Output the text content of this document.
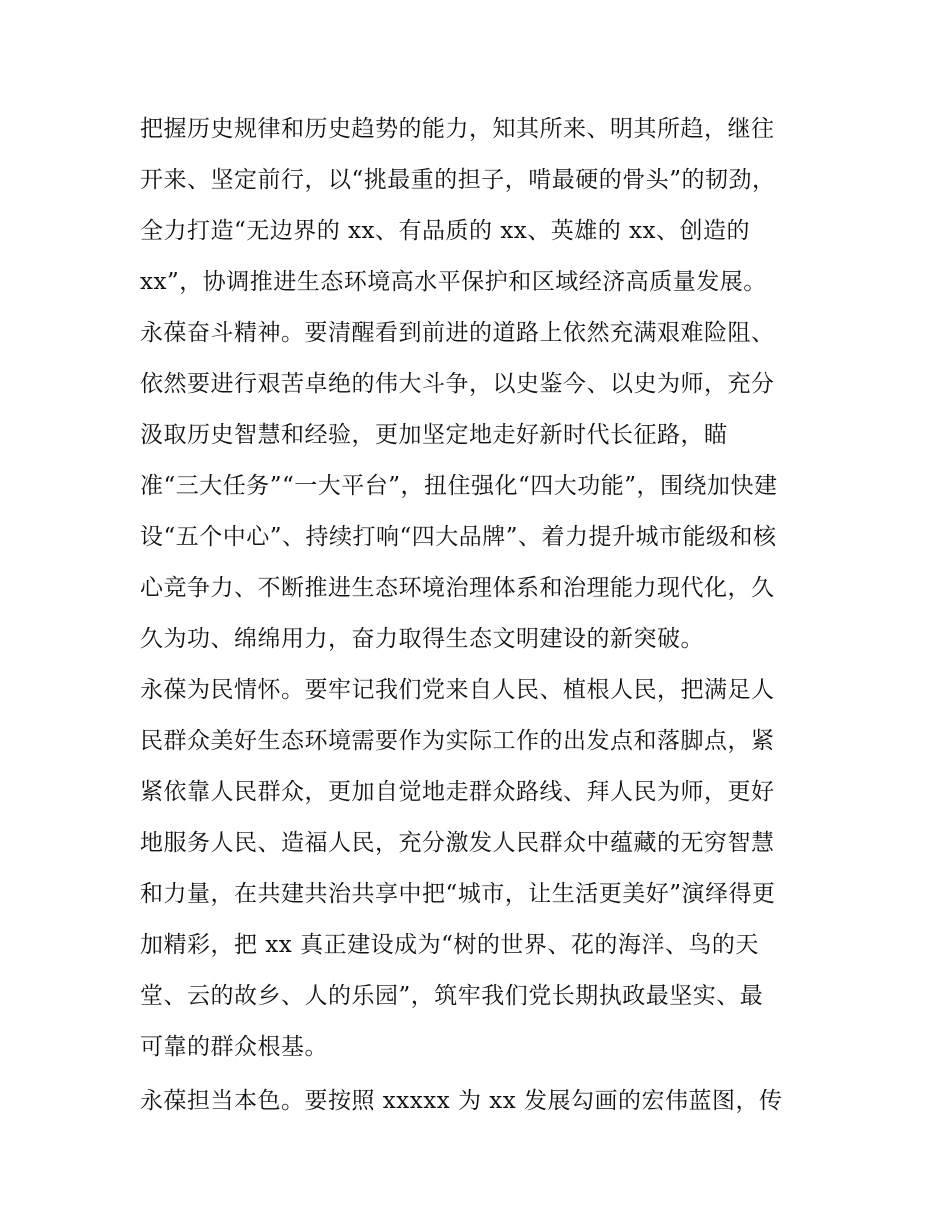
把握历史规律和历史趋势的能力，知其所来、明其所趋，继往
开来、坚定前行，以“挑最重的担子，啃最硬的骨头”的韧劲，
全力打造“无边界的 xx、有品质的 xx、英雄的 xx、创造的
xx”，协调推进生态环境高水平保护和区域经济高质量发展。
永葆奋斗精神。要清醒看到前进的道路上依然充满艰难险阻、
依然要进行艰苦卓绝的伟大斗争，以史鉴今、以史为师，充分
汲取历史智慧和经验，更加坚定地走好新时代长征路，瞄
准“三大任务”“一大平台”，扭住强化“四大功能”，围绕加快建
设“五个中心”、持续打响“四大品牌”、着力提升城市能级和核
心竞争力、不断推进生态环境治理体系和治理能力现代化，久
久为功、绵绵用力，奋力取得生态文明建设的新突破。
永葆为民情怀。要牢记我们党来自人民、植根人民，把满足人
民群众美好生态环境需要作为实际工作的出发点和落脚点，紧
紧依靠人民群众，更加自觉地走群众路线、拜人民为师，更好
地服务人民、造福人民，充分激发人民群众中蕴藏的无穷智慧
和力量，在共建共治共享中把“城市，让生活更美好”演绎得更
加精彩，把 xx 真正建设成为“树的世界、花的海洋、鸟的天
堂、云的故乡、人的乐园”，筑牢我们党长期执政最坚实、最
可靠的群众根基。
永葆担当本色。要按照 xxxxx 为 xx 发展勾画的宏伟蓝图，传
